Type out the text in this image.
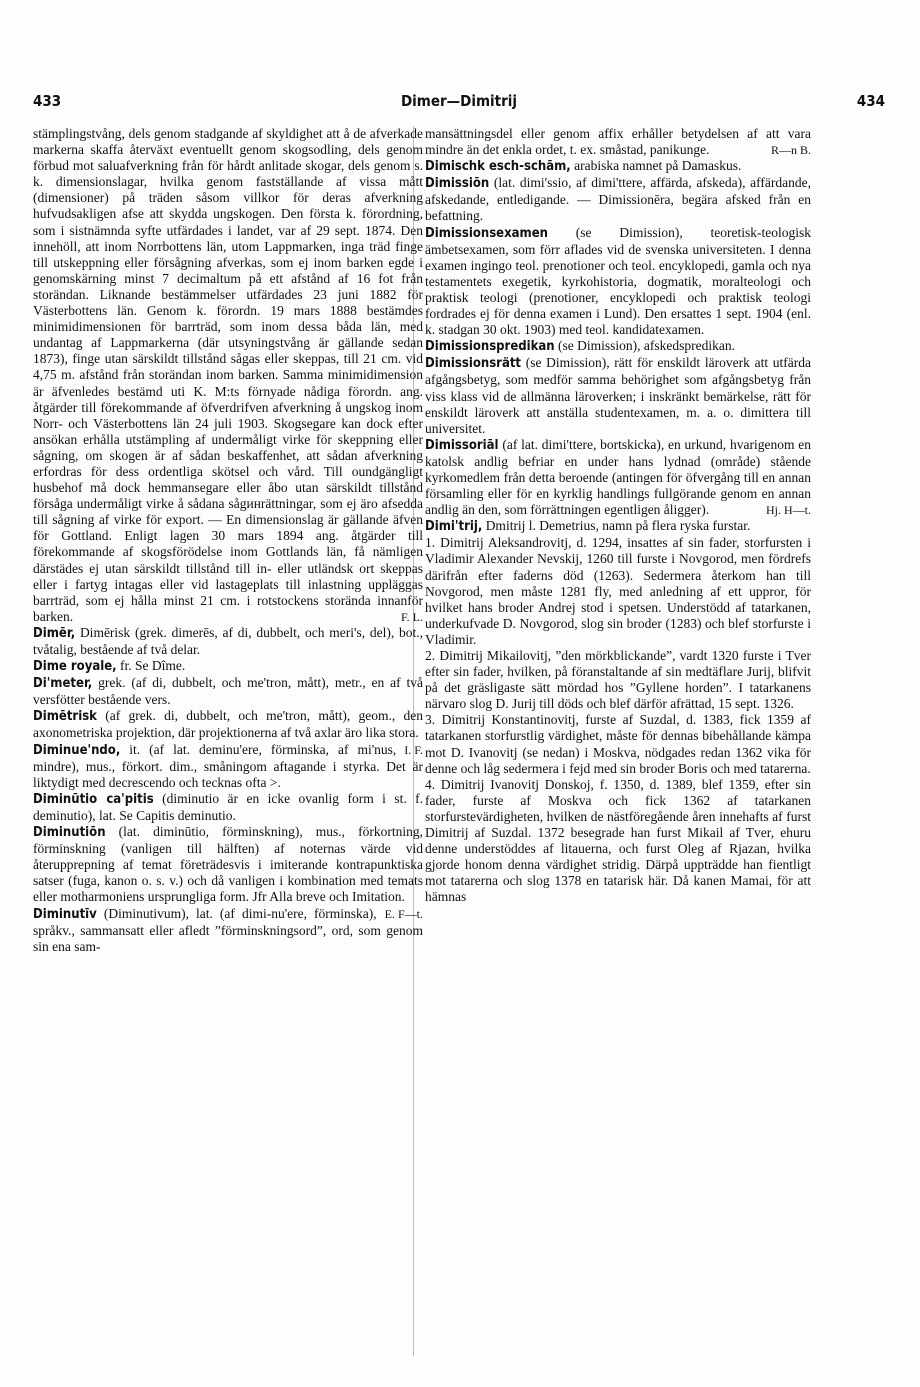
433	Dimer—Dimitrij	434

stämplingstvång, dels genom stadgande af skyldighet att å de afverkade markerna skaffa återväxt eventuellt genom skogsodling, dels genom förbud mot saluafverkning från för hårdt anlitade skogar, dels genom s. k. dimensionslagar, hvilka genom fastställande af vissa mått (dimensioner) på träden såsom villkor för deras afverkning hufvudsakligen afse att skydda ungskogen. Den första k. förordning, som i sistnämnda syfte utfärdades i landet, var af 29 sept. 1874. Den innehöll, att inom Norrbottens län, utom Lappmarken, inga träd finge till utskeppning eller försågning afverkas, som ej inom barken egde i genomskärning minst 7 decimaltum på ett afstånd af 16 fot från storändan. Liknande bestämmelser utfärdades 23 juni 1882 för Västerbottens län. Genom k. förordn. 19 mars 1888 bestämdes minimidimensionen för barrträd, som inom dessa båda län, med undantag af Lappmarkerna (där utsyningstvång är gällande sedan 1873), finge utan särskildt tillstånd sågas eller skeppas, till 21 cm. vid 4,75 m. afstånd från storändan inom barken. Samma minimidimension är äfvenledes bestämd uti K. M:ts förnyade nådiga förordn. ang. åtgärder till förekommande af öfverdrifven afverkning å ungskog inom Norr- och Västerbottens län 24 juli 1903. Skogsegare kan dock efter ansökan erhålla utstämpling af undermåligt virke för skeppning eller sågning, om skogen är af sådan beskaffenhet, att sådan afverkning erfordras för dess ordentliga skötsel och vård. Till oundgängligt husbehof må dock hemmansegare eller åbo utan särskildt tillstånd försåga undermåligt virke å sådana sågинrättningar, som ej äro afsedda till sågning af virke för export. — En dimensionslag är gällande äfven för Gottland. Enligt lagen 30 mars 1894 ang. åtgärder till förekommande af skogsförödelse inom Gottlands län, få nämligen därstädes ej utan särskildt tillstånd till in- eller utländsk ort skeppas eller i fartyg intagas eller vid lastageplats till inlastning uppläggas barrträd, som ej hålla minst 21 cm. i rotstockens storända innanför barken.	F. L.

Dimēr, Dimērisk (grek. dimerēs, af di, dubbelt, och meri's, del), bot., tvåtalig, bestående af två delar.

Dime royale, fr. Se Dîme.

Di'meter, grek. (af di, dubbelt, och me'tron, mått), metr., en af två versfötter bestående vers.

Dimētrisk (af grek. di, dubbelt, och me'tron, mått), geom., den axonometriska projektion, där projektionerna af två axlar äro lika stora.
I. F.

Diminue'ndo, it. (af lat. deminu'ere, förminska, af mi'nus, mindre), mus., förkort. dim., småningom aftagande i styrka. Det är liktydigt med decrescendo och tecknas ofta >.

Diminūtio ca'pitis (diminutio är en icke ovanlig form i st. f. deminutio), lat. Se Capitis deminutio.

Diminutiōn (lat. diminūtio, förminskning), mus., förkortning, förminskning (vanligen till hälften) af noternas värde vid återupprepning af temat företrädesvis i imiterande kontrapunktiska satser (fuga, kanon o. s. v.) och då vanligen i kombination med temats eller motharmoniens ursprungliga form. Jfr Alla breve och Imitation.
E. F—t.

Diminutīv (Diminutivum), lat. (af dimi-nu'ere, förminska), språkv., sammansatt eller afledt ”förminskningsord”, ord, som genom sin ena sam-

mansättningsdel eller genom affix erhåller betydelsen af att vara mindre än det enkla ordet, t. ex. småstad, panikunge.	R—n B.

Dimischk esch-schām, arabiska namnet på Damaskus.

Dimissiōn (lat. dimi'ssio, af dimi'ttere, affärda, afskeda), affärdande, afskedande, entledigande. — Dimissionēra, begära afsked från en befattning.

Dimissionsexamen (se Dimission), teoretisk-teologisk ämbetsexamen, som förr aflades vid de svenska universiteten. I denna examen ingingo teol. prenotioner och teol. encyklopedi, gamla och nya testamentets exegetik, kyrkohistoria, dogmatik, moralteologi och praktisk teologi (prenotioner, encyklopedi och praktisk teologi fordrades ej för denna examen i Lund). Den ersattes 1 sept. 1904 (enl. k. stadgan 30 okt. 1903) med teol. kandidatexamen.

Dimissionspredikan (se Dimission), afskedspredikan.

Dimissionsrätt (se Dimission), rätt för enskildt läroverk att utfärda afgångsbetyg, som medför samma behörighet som afgångsbetyg från viss klass vid de allmänna läroverken; i inskränkt bemärkelse, rätt för enskildt läroverk att anställa studentexamen, m. a. o. dimittera till universitet.

Dimissoriāl (af lat. dimi'ttere, bortskicka), en urkund, hvarigenom en katolsk andlig befriar en under hans lydnad (område) stående kyrkomedlem från detta beroende (antingen för öfvergång till en annan församling eller för en kyrklig handlings fullgörande genom en annan andlig än den, som förrättningen egentligen åligger).	Hj. H—t.

Dimi'trij, Dmitrij l. Demetrius, namn på flera ryska furstar.

1. Dimitrij Aleksandrovitj, d. 1294, insattes af sin fader, storfursten i Vladimir Alexander Nevskij, 1260 till furste i Novgorod, men fördrefs därifrån efter faderns död (1263). Sedermera återkom han till Novgorod, men måste 1281 fly, med anledning af ett uppror, för hvilket hans broder Andrej stod i spetsen. Understödd af tatarkanen, underkufvade D. Novgorod, slog sin broder (1283) och blef storfurste i Vladimir.

2. Dimitrij Mikailovitj, ”den mörkblickande”, vardt 1320 furste i Tver efter sin fader, hvilken, på föranstaltande af sin medtäflare Jurij, blifvit på det gräsligaste sätt mördad hos ”Gyllene horden”. I tatarkanens närvaro slog D. Jurij till döds och blef därför afrättad, 15 sept. 1326.

3. Dimitrij Konstantinovitj, furste af Suzdal, d. 1383, fick 1359 af tatarkanen storfurstlig värdighet, måste för dennas bibehållande kämpa mot D. Ivanovitj (se nedan) i Moskva, nödgades redan 1362 vika för denne och låg sedermera i fejd med sin broder Boris och med tatarerna.

4. Dimitrij Ivanovitj Donskoj, f. 1350, d. 1389, blef 1359, efter sin fader, furste af Moskva och fick 1362 af tatarkanen storfurstevärdigheten, hvilken de nästföregående åren innehafts af furst Dimitrij af Suzdal. 1372 besegrade han furst Mikail af Tver, ehuru denne understöddes af litauerna, och furst Oleg af Rjazan, hvilka gjorde honom denna värdighet stridig. Därpå uppträdde han fientligt mot tatarerna och slog 1378 en tatarisk här. Då kanen Mamai, för att hämnas
